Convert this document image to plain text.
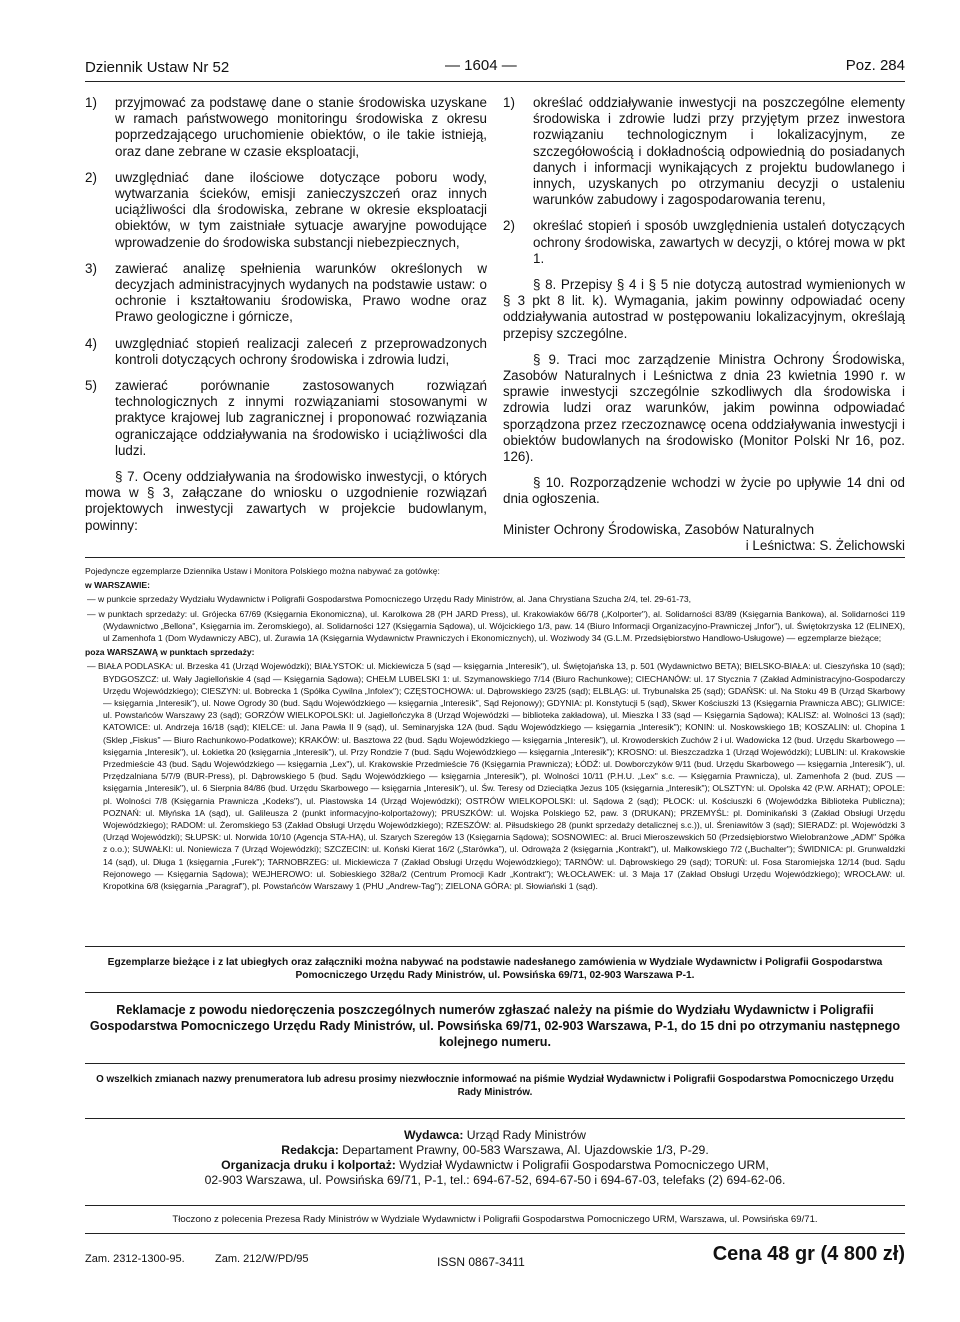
Dziennik Ustaw Nr 52	— 1604 —	Poz. 284
1)	przyjmować za podstawę dane o stanie środowiska uzyskane w ramach państwowego monitoringu środowiska z okresu poprzedzającego uruchomienie obiektów, o ile takie istnieją, oraz dane zebrane w czasie eksploatacji,
2)	uwzględniać dane ilościowe dotyczące poboru wody, wytwarzania ścieków, emisji zanieczyszczeń oraz innych uciążliwości dla środowiska, zebrane w okresie eksploatacji obiektów, w tym zaistniałe sytuacje awaryjne powodujące wprowadzenie do środowiska substancji niebezpiecznych,
3)	zawierać analizę spełnienia warunków określonych w decyzjach administracyjnych wydanych na podstawie ustaw: o ochronie i kształtowaniu środowiska, Prawo wodne oraz Prawo geologiczne i górnicze,
4)	uwzględniać stopień realizacji zaleceń z przeprowadzonych kontroli dotyczących ochrony środowiska i zdrowia ludzi,
5)	zawierać porównanie zastosowanych rozwiązań technologicznych z innymi rozwiązaniami stosowanymi w praktyce krajowej lub zagranicznej i proponować rozwiązania ograniczające oddziaływania na środowisko i uciążliwości dla ludzi.
§ 7. Oceny oddziaływania na środowisko inwestycji, o których mowa w § 3, załączane do wniosku o uzgodnienie rozwiązań projektowych inwestycji zawartych w projekcie budowlanym, powinny:
1)	określać oddziaływanie inwestycji na poszczególne elementy środowiska i zdrowie ludzi przy przyjętym przez inwestora rozwiązaniu technologicznym i lokalizacyjnym, ze szczegółowością i dokładnością odpowiednią do posiadanych danych i informacji wynikających z projektu budowlanego i innych, uzyskanych po otrzymaniu decyzji o ustaleniu warunków zabudowy i zagospodarowania terenu,
2)	określać stopień i sposób uwzględnienia ustaleń dotyczących ochrony środowiska, zawartych w decyzji, o której mowa w pkt 1.
§ 8. Przepisy § 4 i § 5 nie dotyczą autostrad wymienionych w § 3 pkt 8 lit. k). Wymagania, jakim powinny odpowiadać oceny oddziaływania autostrad w postępowaniu lokalizacyjnym, określają przepisy szczególne.
§ 9. Traci moc zarządzenie Ministra Ochrony Środowiska, Zasobów Naturalnych i Leśnictwa z dnia 23 kwietnia 1990 r. w sprawie inwestycji szczególnie szkodliwych dla środowiska i zdrowia ludzi oraz warunków, jakim powinna odpowiadać sporządzona przez rzeczoznawcę ocena oddziaływania inwestycji i obiektów budowlanych na środowisko (Monitor Polski Nr 16, poz. 126).
§ 10. Rozporządzenie wchodzi w życie po upływie 14 dni od dnia ogłoszenia.
Minister Ochrony Środowiska, Zasobów Naturalnych
i Leśnictwa: S. Żelichowski

Pojedyncze egzemplarze Dziennika Ustaw i Monitora Polskiego można nabywać za gotówkę:

w WARSZAWIE:

— w punkcie sprzedaży Wydziału Wydawnictw i Poligrafii Gospodarstwa Pomocniczego Urzędu Rady Ministrów, al. Jana Chrystiana Szucha 2/4, tel. 29-61-73,

— w punktach sprzedaży: ul. Grójecka 67/69 (Księgarnia Ekonomiczna), ul. Karolkowa 28 (PH JARD Press), ul. Krakowiaków 66/78 („Kolporter"), al. Solidarności 83/89 (Księgarnia Bankowa), al. Solidarności 119 (Wydawnictwo „Bellona", Księgarnia im. Żeromskiego), al. Solidarności 127 (Księgarnia Sądowa), ul. Wójcickiego 1/3, paw. 14 (Biuro Informacji Organizacyjno-Prawniczej „Infor"), ul. Świętokrzyska 12 (ELINEX), ul Zamenhofa 1 (Dom Wydawniczy ABC), ul. Żurawia 1A (Księgarnia Wydawnictw Prawniczych i Ekonomicznych), ul. Woziwody 34 (G.L.M. Przedsiębiorstwo Handlowo-Usługowe) — egzemplarze bieżące;

poza WARSZAWĄ w punktach sprzedaży:

— BIAŁA PODLASKA: ul. Brzeska 41 (Urząd Wojewódzki); BIAŁYSTOK: ul. Mickiewicza 5 (sąd — księgarnia „Interesik"), ul. Świętojańska 13, p. 501 (Wydawnictwo BETA); BIELSKO-BIAŁA: ul. Cieszyńska 10 (sąd); BYDGOSZCZ: ul. Wały Jagiellońskie 4 (sąd — Księgarnia Sądowa); CHEŁM LUBELSKI 1: ul. Szymanowskiego 7/14 (Biuro Rachunkowe); CIECHANÓW: ul. 17 Stycznia 7 (Zakład Administracyjno-Gospodarczy Urzędu Wojewódzkiego); CIESZYN: ul. Bobrecka 1 (Spółka Cywilna „Infolex"); CZĘSTOCHOWA: ul. Dąbrowskiego 23/25 (sąd); ELBLĄG: ul. Trybunalska 25 (sąd); GDAŃSK: ul. Na Stoku 49 B (Urząd Skarbowy — księgarnia „Interesik"), ul. Nowe Ogrody 30 (bud. Sądu Wojewódzkiego — księgarnia „Interesik", Sąd Rejonowy); GDYNIA: pl. Konstytucji 5 (sąd), Skwer Kościuszki 13 (Księgarnia Prawnicza ABC); GLIWICE: ul. Powstańców Warszawy 23 (sąd); GORZÓW WIELKOPOLSKI: ul. Jagiellończyka 8 (Urząd Wojewódzki — biblioteka zakładowa), ul. Mieszka I 33 (sąd — Księgarnia Sądowa); KALISZ: al. Wolności 13 (sąd); KATOWICE: ul. Andrzeja 16/18 (sąd); KIELCE: ul. Jana Pawła II 9 (sąd), ul. Seminaryjska 12A (bud. Sądu Wojewódzkiego — księgarnia „Interesik"); KONIN: ul. Noskowskiego 1B; KOSZALIN: ul. Chopina 1 (Sklep „Fiskus" — Biuro Rachunkowo-Podatkowe); KRAKÓW: ul. Basztowa 22 (bud. Sądu Wojewódzkiego — księgarnia „Interesik"), ul. Krowoderskich Zuchów 2 i ul. Wadowicka 12 (bud. Urzędu Skarbowego — księgarnia „Interesik"), ul. Łokietka 20 (księgarnia „Interesik"), ul. Przy Rondzie 7 (bud. Sądu Wojewódzkiego — księgarnia „Interesik"); KROSNO: ul. Bieszczadzka 1 (Urząd Wojewódzki); LUBLIN: ul. Krakowskie Przedmieście 43 (bud. Sądu Wojewódzkiego — księgarnia „Lex"), ul. Krakowskie Przedmieście 76 (Księgarnia Prawnicza); ŁÓDŹ: ul. Dowborczyków 9/11 (bud. Urzędu Skarbowego — księgarnia „Interesik"), ul. Przędzalniana 5/7/9 (BUR-Press), pl. Dąbrowskiego 5 (bud. Sądu Wojewódzkiego — księgarnia „Interesik"), pl. Wolności 10/11 (P.H.U. „Lex" s.c. — Księgarnia Prawnicza), ul. Zamenhofa 2 (bud. ZUS — księgarnia „Interesik"), ul. 6 Sierpnia 84/86 (bud. Urzędu Skarbowego — księgarnia „Interesik"), ul. Św. Teresy od Dzieciątka Jezus 105 (księgarnia „Interesik"); OLSZTYN: ul. Opolska 42 (P.W. ARHAT); OPOLE: pl. Wolności 7/8 (Księgarnia Prawnicza „Kodeks"), ul. Piastowska 14 (Urząd Wojewódzki); OSTRÓW WIELKOPOLSKI: ul. Sądowa 2 (sąd); PŁOCK: ul. Kościuszki 6 (Wojewódzka Biblioteka Publiczna); POZNAŃ: ul. Młyńska 1A (sąd), ul. Galileusza 2 (punkt informacyjno-kolportażowy); PRUSZKÓW: ul. Wojska Polskiego 52, paw. 3 (DRUKAN); PRZEMYŚL: pl. Dominikański 3 (Zakład Obsługi Urzędu Wojewódzkiego); RADOM: ul. Żeromskiego 53 (Zakład Obsługi Urzędu Wojewódzkiego); RZESZÓW: al. Piłsudskiego 28 (punkt sprzedaży detalicznej s.c.)), ul. Śreniawitów 3 (sąd); SIERADZ: pl. Wojewódzki 3 (Urząd Wojewódzki); SŁUPSK: ul. Norwida 10/10 (Agencja STA-HA), ul. Szarych Szeregów 13 (Księgarnia Sądowa); SOSNOWIEC: al. Bruci Mieroszewskich 50 (Przedsiębiorstwo Wielobranżowe „ADM" Spółka z o.o.); SUWAŁKI: ul. Noniewicza 7 (Urząd Wojewódzki); SZCZECIN: ul. Koński Kierat 16/2 („Starówka"), ul. Odrowąża 2 (księgarnia „Kontrakt"), ul. Małkowskiego 7/2 („Buchalter"); ŚWIDNICA: pl. Grunwaldzki 14 (sąd), ul. Długa 1 (księgarnia „Furek"); TARNOBRZEG: ul. Mickiewicza 7 (Zakład Obsługi Urzędu Wojewódzkiego); TARNÓW: ul. Dąbrowskiego 29 (sąd); TORUŃ: ul. Fosa Staromiejska 12/14 (bud. Sądu Rejonowego — Księgarnia Sądowa); WEJHEROWO: ul. Sobieskiego 328a/2 (Centrum Promocji Kadr „Kontrakt"); WŁOCŁAWEK: ul. 3 Maja 17 (Zakład Obsługi Urzędu Wojewódzkiego); WROCŁAW: ul. Kropotkina 6/8 (księgarnia „Paragraf"), pl. Powstańców Warszawy 1 (PHU „Andrew-Tag"); ZIELONA GÓRA: pl. Słowiański 1 (sąd).

Egzemplarze bieżące i z lat ubiegłych oraz załączniki można nabywać na podstawie nadesłanego zamówienia w Wydziale Wydawnictw i Poligrafii Gospodarstwa Pomocniczego Urzędu Rady Ministrów, ul. Powsińska 69/71, 02-903 Warszawa P-1.
Reklamacje z powodu niedoręczenia poszczególnych numerów zgłaszać należy na piśmie do Wydziału Wydawnictw i Poligrafii Gospodarstwa Pomocniczego Urzędu Rady Ministrów, ul. Powsińska 69/71, 02-903 Warszawa, P-1, do 15 dni po otrzymaniu następnego kolejnego numeru.
O wszelkich zmianach nazwy prenumeratora lub adresu prosimy niezwłocznie informować na piśmie Wydział Wydawnictw i Poligrafii Gospodarstwa Pomocniczego Urzędu Rady Ministrów.
Wydawca: Urząd Rady Ministrów
Redakcja: Departament Prawny, 00-583 Warszawa, Al. Ujazdowskie 1/3, P-29.
Organizacja druku i kolportaż: Wydział Wydawnictw i Poligrafii Gospodarstwa Pomocniczego URM,
02-903 Warszawa, ul. Powsińska 69/71, P-1, tel.: 694-67-52, 694-67-50 i 694-67-03, telefaks (2) 694-62-06.
Tłoczono z polecenia Prezesa Rady Ministrów w Wydziale Wydawnictw i Poligrafii Gospodarstwa Pomocniczego URM, Warszawa, ul. Powsińska 69/71.
Zam. 2312-1300-95.	Zam. 212/W/PD/95	ISSN 0867-3411	Cena 48 gr (4 800 zł)
